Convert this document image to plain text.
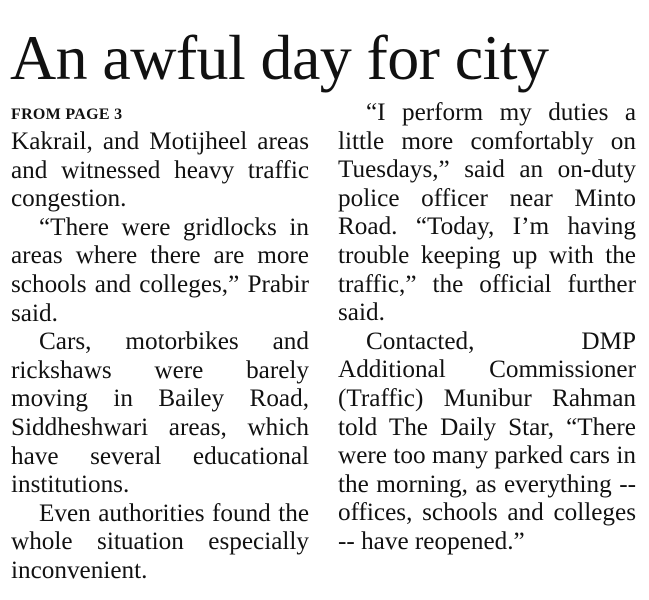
An awful day for city
FROM PAGE 3

Kakrail, and Motijheel areas and witnessed heavy traffic congestion.

“There were gridlocks in areas where there are more schools and colleges,” Prabir said.

Cars, motorbikes and rickshaws were barely moving in Bailey Road, Siddheshwari areas, which have several educational institutions.

Even authorities found the whole situation especially inconvenient.

“I perform my duties a little more comfortably on Tuesdays,” said an on-duty police officer near Minto Road. “Today, I’m having trouble keeping up with the traffic,” the official further said.

Contacted, DMP Additional Commissioner (Traffic) Munibur Rahman told The Daily Star, “There were too many parked cars in the morning, as everything -- offices, schools and colleges -- have reopened.”
